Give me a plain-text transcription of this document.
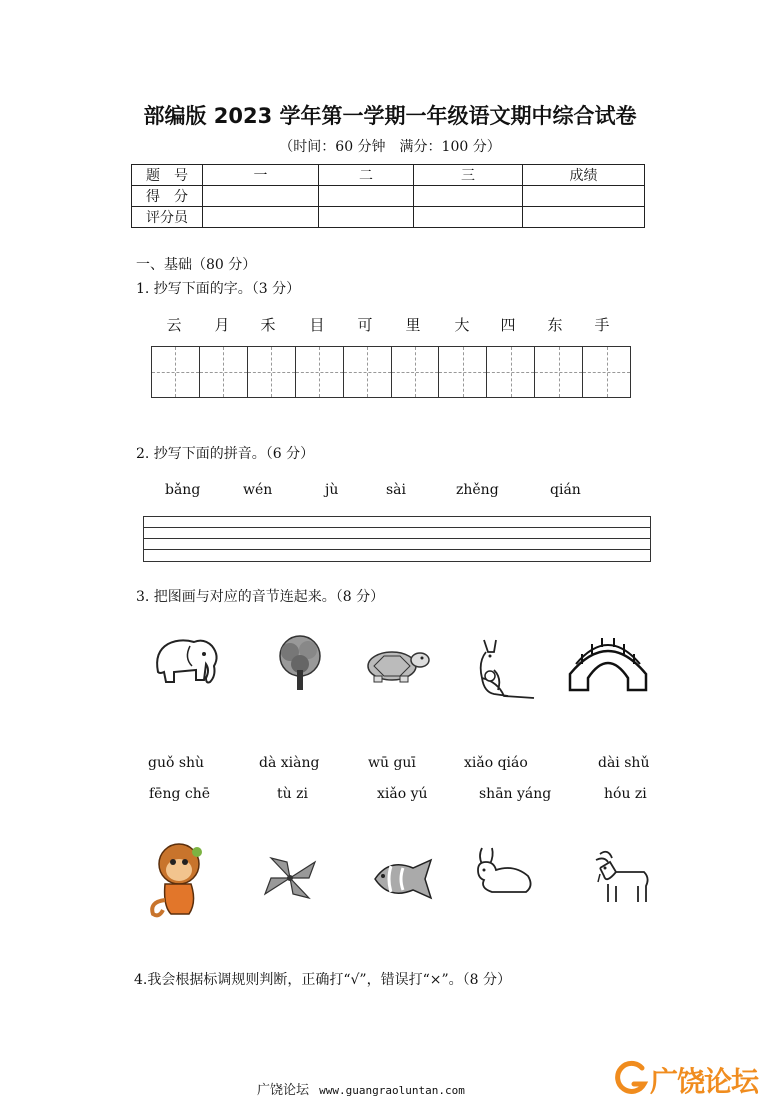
部编版 2023 学年第一学期一年级语文期中综合试卷
（时间：60 分钟　满分：100 分）
题　号	一	二	三	成绩
得　分				
评分员				
一、基础（80 分）
1. 抄写下面的字。（3 分）
云	月	禾	目	可	里	大	四	东	手
2. 抄写下面的拼音。（6 分）
bǎng	wén	jù	sài	zhěng	qián
3. 把图画与对应的音节连起来。（8 分）
guǒ shù	dà xiàng	wū guī	xiǎo qiáo	dài shǔ
fēng chē	tù zi	xiǎo yú	shān yáng	hóu zi
4.我会根据标调规则判断，正确打“√”，错误打“×”。（8 分）
广饶论坛 www.guangraoluntan.com	广饶论坛
